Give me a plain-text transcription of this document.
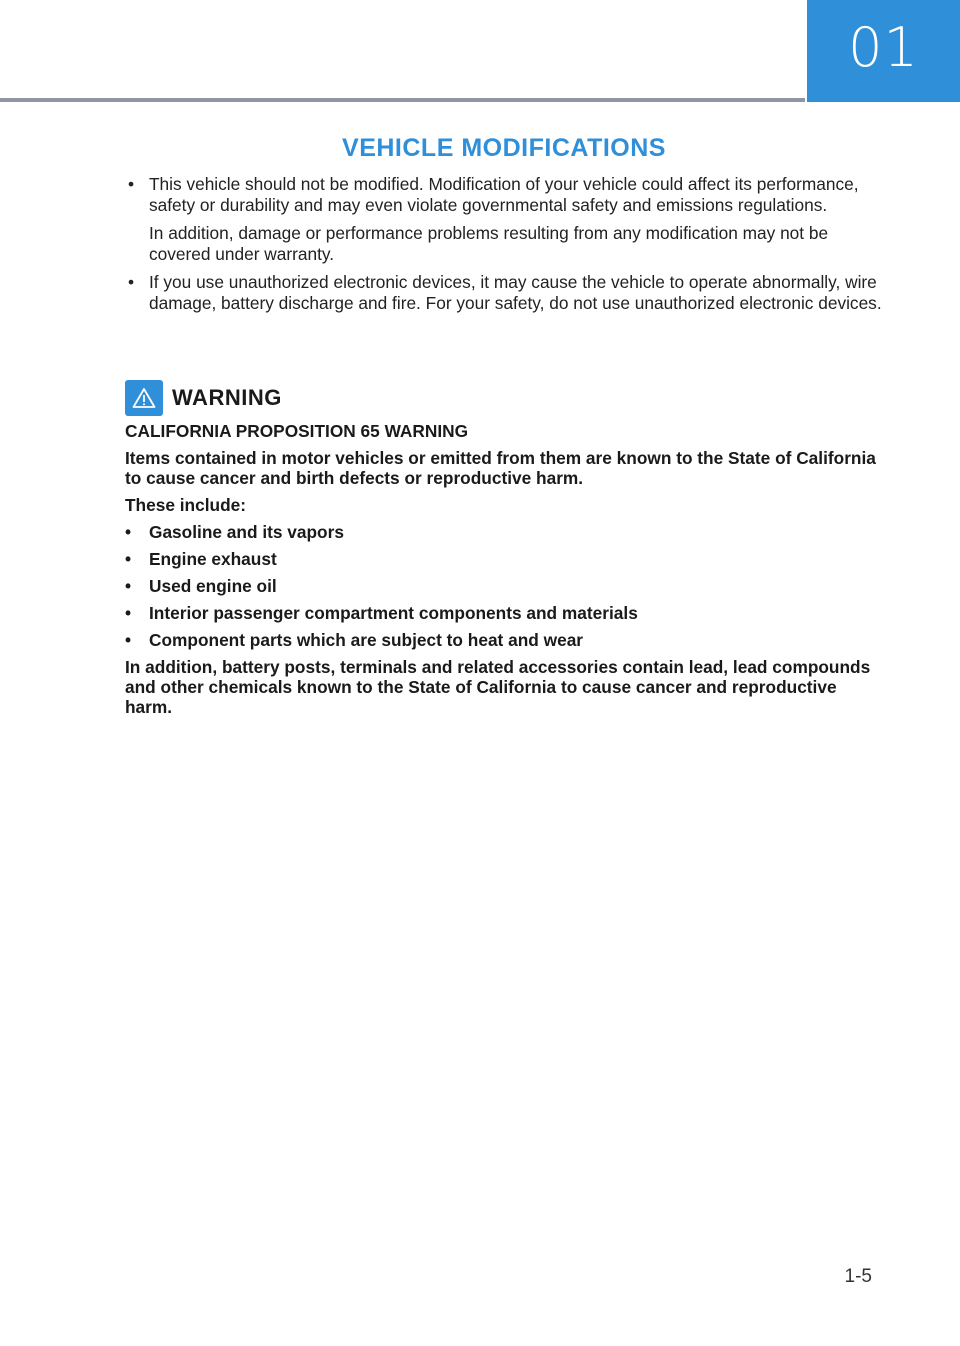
01
VEHICLE MODIFICATIONS
• This vehicle should not be modified. Modification of your vehicle could affect its performance, safety or durability and may even violate governmental safety and emissions regulations.

In addition, damage or performance problems resulting from any modification may not be covered under warranty.

• If you use unauthorized electronic devices, it may cause the vehicle to operate abnormally, wire damage, battery discharge and fire. For your safety, do not use unauthorized electronic devices.

WARNING

CALIFORNIA PROPOSITION 65 WARNING

Items contained in motor vehicles or emitted from them are known to the State of California to cause cancer and birth defects or reproductive harm.

These include:

• Gasoline and its vapors
• Engine exhaust
• Used engine oil
• Interior passenger compartment components and materials
• Component parts which are subject to heat and wear

In addition, battery posts, terminals and related accessories contain lead, lead compounds and other chemicals known to the State of California to cause cancer and reproductive harm.

1-5
